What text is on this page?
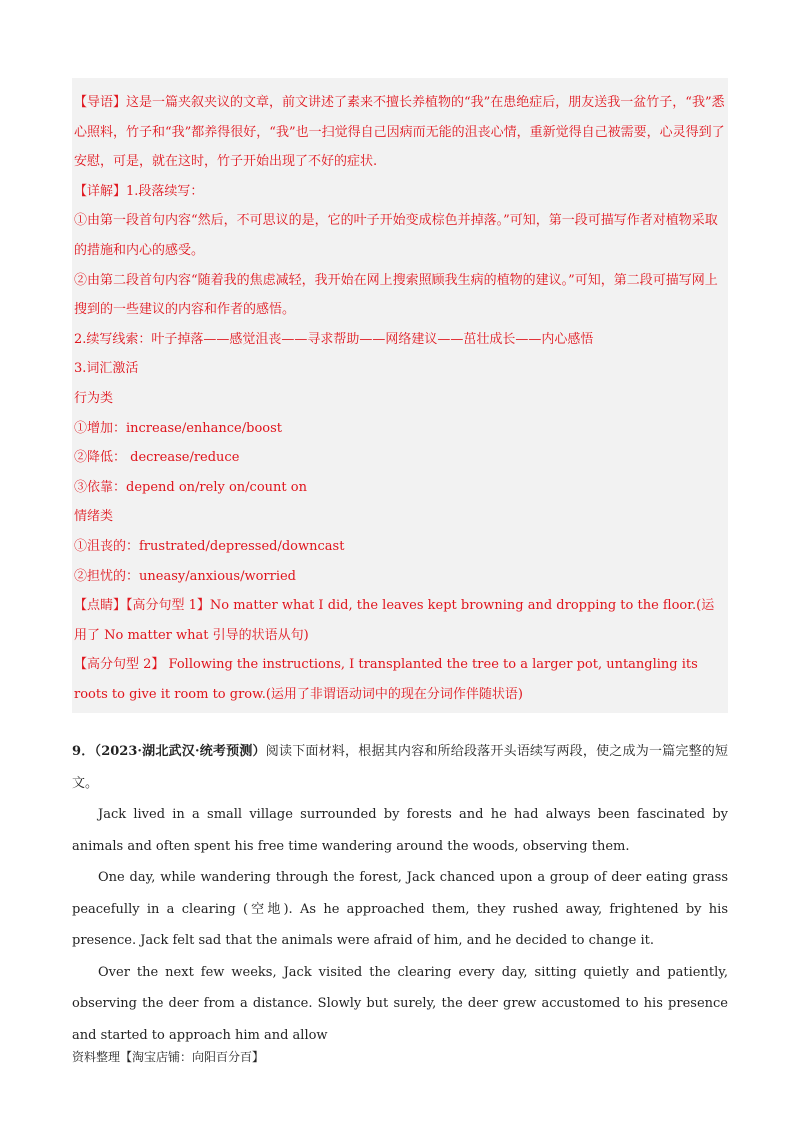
【导语】这是一篇夹叙夹议的文章，前文讲述了素来不擅长养植物的“我”在患绝症后，朋友送我一盆竹子，“我”悉心照料，竹子和“我”都养得很好，“我”也一扫觉得自己因病而无能的沮丧心情，重新觉得自己被需要，心灵得到了安慰，可是，就在这时，竹子开始出现了不好的症状.

【详解】1.段落续写：

①由第一段首句内容“然后，不可思议的是，它的叶子开始变成棕色并掉落。”可知，第一段可描写作者对植物采取的措施和内心的感受。

②由第二段首句内容“随着我的焦虑减轻，我开始在网上搜索照顾我生病的植物的建议。”可知，第二段可描写网上搜到的一些建议的内容和作者的感悟。

2.续写线索：叶子掉落——感觉沮丧——寻求帮助——网络建议——茁壮成长——内心感悟

3.词汇激活

行为类

①增加：increase/enhance/boost

②降低： decrease/reduce

③依靠：depend on/rely on/count on

情绪类

①沮丧的：frustrated/depressed/downcast

②担忧的：uneasy/anxious/worried

【点睛】【高分句型 1】No matter what I did, the leaves kept browning and dropping to the floor.(运用了 No matter what 引导的状语从句)

【高分句型 2】 Following the instructions, I transplanted the tree to a larger pot, untangling its roots to give it room to grow.(运用了非谓语动词中的现在分词作伴随状语)

9．（2023·湖北武汉·统考预测）阅读下面材料，根据其内容和所给段落开头语续写两段，使之成为一篇完整的短文。

Jack lived in a small village surrounded by forests and he had always been fascinated by animals and often spent his free time wandering around the woods, observing them.

One day, while wandering through the forest, Jack chanced upon a group of deer eating grass peacefully in a clearing (空地). As he approached them, they rushed away, frightened by his presence. Jack felt sad that the animals were afraid of him, and he decided to change it.

Over the next few weeks, Jack visited the clearing every day, sitting quietly and patiently, observing the deer from a distance. Slowly but surely, the deer grew accustomed to his presence and started to approach him and allow

资料整理【淘宝店铺：向阳百分百】
